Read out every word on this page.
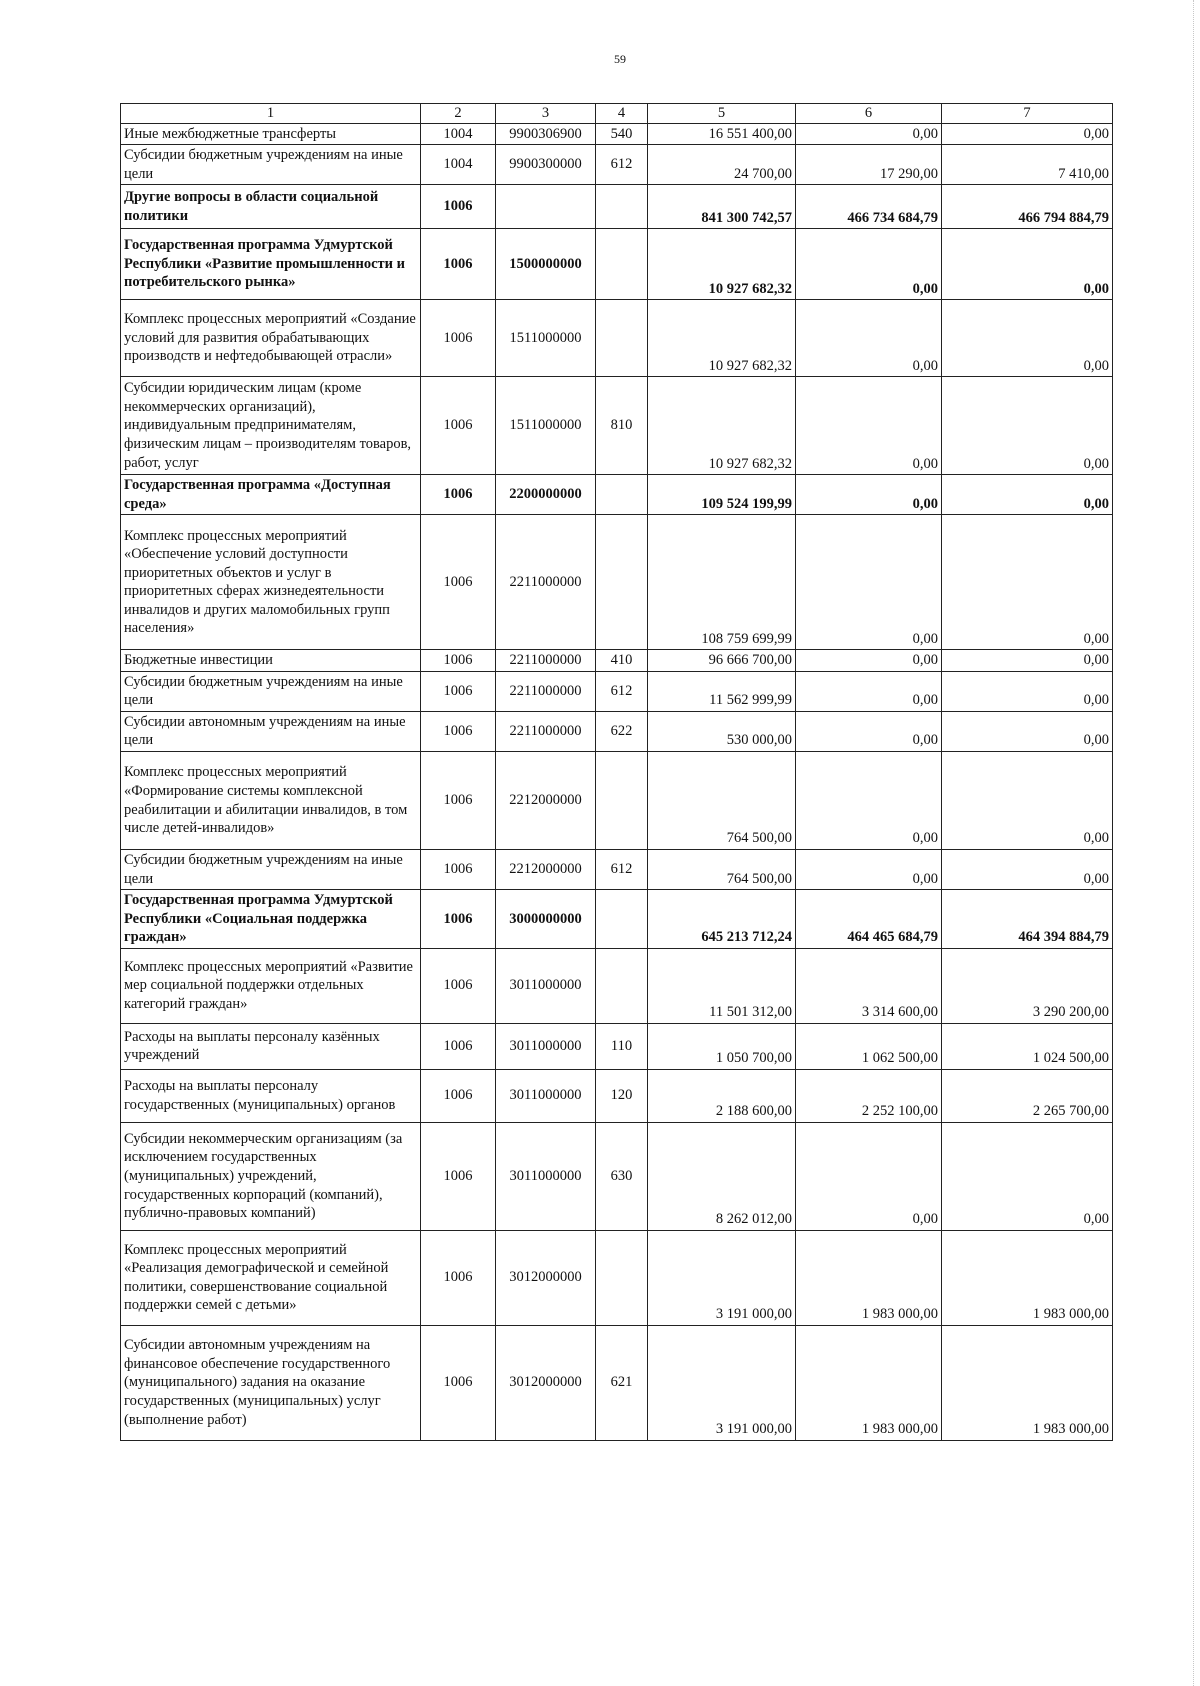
59
1	2	3	4	5	6	7
Иные межбюджетные трансферты	1004	9900306900	540	16 551 400,00	0,00	0,00
Субсидии бюджетным учреждениям на иные цели	1004	9900300000	612	24 700,00	17 290,00	7 410,00
Другие вопросы в области социальной политики	1006			841 300 742,57	466 734 684,79	466 794 884,79
Государственная программа Удмуртской Республики «Развитие промышленности и потребительского рынка»	1006	1500000000		10 927 682,32	0,00	0,00
Комплекс процессных мероприятий «Создание условий для развития обрабатывающих производств и нефтедобывающей отрасли»	1006	1511000000		10 927 682,32	0,00	0,00
Субсидии юридическим лицам (кроме некоммерческих организаций), индивидуальным предпринимателям, физическим лицам – производителям товаров, работ, услуг	1006	1511000000	810	10 927 682,32	0,00	0,00
Государственная программа «Доступная среда»	1006	2200000000		109 524 199,99	0,00	0,00
Комплекс процессных мероприятий «Обеспечение условий доступности приоритетных объектов и услуг в приоритетных сферах жизнедеятельности инвалидов и других маломобильных групп населения»	1006	2211000000		108 759 699,99	0,00	0,00
Бюджетные инвестиции	1006	2211000000	410	96 666 700,00	0,00	0,00
Субсидии бюджетным учреждениям на иные цели	1006	2211000000	612	11 562 999,99	0,00	0,00
Субсидии автономным учреждениям на иные цели	1006	2211000000	622	530 000,00	0,00	0,00
Комплекс процессных мероприятий «Формирование системы комплексной реабилитации и абилитации инвалидов, в том числе детей-инвалидов»	1006	2212000000		764 500,00	0,00	0,00
Субсидии бюджетным учреждениям на иные цели	1006	2212000000	612	764 500,00	0,00	0,00
Государственная программа Удмуртской Республики «Социальная поддержка граждан»	1006	3000000000		645 213 712,24	464 465 684,79	464 394 884,79
Комплекс процессных мероприятий «Развитие мер социальной поддержки отдельных категорий граждан»	1006	3011000000		11 501 312,00	3 314 600,00	3 290 200,00
Расходы на выплаты персоналу казённых учреждений	1006	3011000000	110	1 050 700,00	1 062 500,00	1 024 500,00
Расходы на выплаты персоналу государственных (муниципальных) органов	1006	3011000000	120	2 188 600,00	2 252 100,00	2 265 700,00
Субсидии некоммерческим организациям (за исключением государственных (муниципальных) учреждений, государственных корпораций (компаний), публично-правовых компаний)	1006	3011000000	630	8 262 012,00	0,00	0,00
Комплекс процессных мероприятий «Реализация демографической и семейной политики, совершенствование социальной поддержки семей с детьми»	1006	3012000000		3 191 000,00	1 983 000,00	1 983 000,00
Субсидии автономным учреждениям на финансовое обеспечение государственного (муниципального) задания на оказание государственных (муниципальных) услуг (выполнение работ)	1006	3012000000	621	3 191 000,00	1 983 000,00	1 983 000,00
